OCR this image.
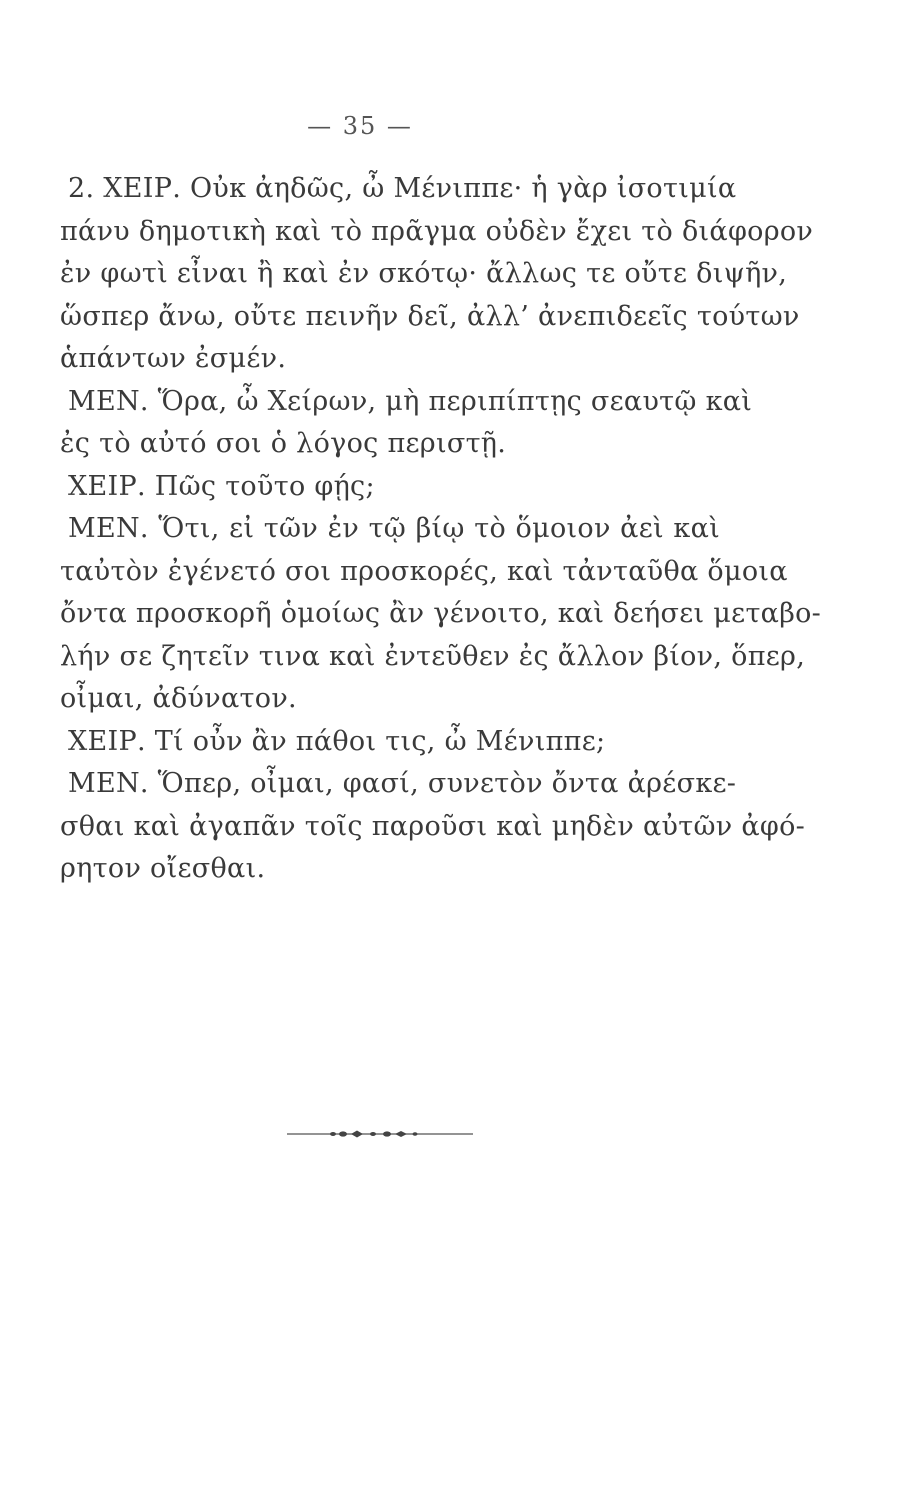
— 35 —
2. ΧΕΙΡ. Οὐκ ἀηδῶς, ὦ Μένιππε· ἡ γὰρ ἰσοτιμία
πάνυ δημοτικὴ καὶ τὸ πρᾶγμα οὐδὲν ἔχει τὸ διάφορον
ἐν φωτὶ εἶναι ἢ καὶ ἐν σκότῳ· ἄλλως τε οὔτε διψῆν,
ὥσπερ ἄνω, οὔτε πεινῆν δεῖ, ἀλλ’ ἀνεπιδεεῖς τούτων
ἁπάντων ἐσμέν.
ΜΕΝ. Ὅρα, ὦ Χείρων, μὴ περιπίπτῃς σεαυτῷ καὶ
ἐς τὸ αὐτό σοι ὁ λόγος περιστῇ.
ΧΕΙΡ. Πῶς τοῦτο φῄς;
ΜΕΝ. Ὅτι, εἰ τῶν ἐν τῷ βίῳ τὸ ὅμοιον ἀεὶ καὶ
ταὐτὸν ἐγένετό σοι προσκορές, καὶ τἀνταῦθα ὅμοια
ὄντα προσκορῆ ὁμοίως ἂν γένοιτο, καὶ δεήσει μεταβο-
λήν σε ζητεῖν τινα καὶ ἐντεῦθεν ἐς ἄλλον βίον, ὅπερ,
οἶμαι, ἀδύνατον.
ΧΕΙΡ. Τί οὖν ἂν πάθοι τις, ὦ Μένιππε;
ΜΕΝ. Ὅπερ, οἶμαι, φασί, συνετὸν ὄντα ἀρέσκε-
σθαι καὶ ἀγαπᾶν τοῖς παροῦσι καὶ μηδὲν αὐτῶν ἀφό-
ρητον οἴεσθαι.
